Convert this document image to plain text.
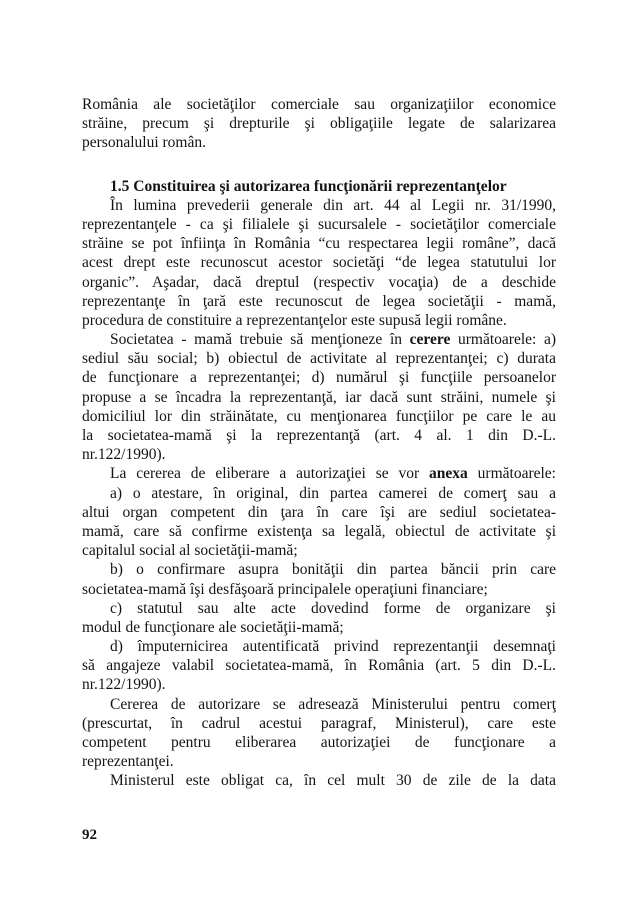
România ale societăţilor comerciale sau organizaţiilor economice
străine, precum şi drepturile şi obligaţiile legate de salarizarea
personalului român.
1.5 Constituirea şi autorizarea funcţionării reprezentanţelor
În lumina prevederii generale din art. 44 al Legii nr. 31/1990,
reprezentanţele - ca şi filialele şi sucursalele - societăţilor comerciale
străine se pot înfiinţa în România “cu respectarea legii române”, dacă
acest drept este recunoscut acestor societăţi “de legea statutului lor
organic”. Aşadar, dacă dreptul (respectiv vocaţia) de a deschide
reprezentanţe în ţară este recunoscut de legea societăţii - mamă,
procedura de constituire a reprezentanţelor este supusă legii române.
Societatea - mamă trebuie să menţioneze în cerere următoarele: a)
sediul său social; b) obiectul de activitate al reprezentanţei; c) durata
de funcţionare a reprezentanţei; d) numărul şi funcţiile persoanelor
propuse a se încadra la reprezentanţă, iar dacă sunt străini, numele şi
domiciliul lor din străinătate, cu menţionarea funcţiilor pe care le au
la societatea-mamă şi la reprezentanţă (art. 4 al. 1 din D.-L.
nr.122/1990).
La cererea de eliberare a autorizaţiei se vor anexa următoarele:
a) o atestare, în original, din partea camerei de comerţ sau a
altui organ competent din ţara în care îşi are sediul societatea-
mamă, care să confirme existenţa sa legală, obiectul de activitate şi
capitalul social al societăţii-mamă;
b) o confirmare asupra bonităţii din partea băncii prin care
societatea-mamă îşi desfăşoară principalele operaţiuni financiare;
c) statutul sau alte acte dovedind forme de organizare şi
modul de funcţionare ale societăţii-mamă;
d) împuternicirea autentificată privind reprezentanţii desemnaţi
să angajeze valabil societatea-mamă, în România (art. 5 din D.-L.
nr.122/1990).
Cererea de autorizare se adresează Ministerului pentru comerţ
(prescurtat, în cadrul acestui paragraf, Ministerul), care este
competent pentru eliberarea autorizaţiei de funcţionare a
reprezentanţei.
Ministerul este obligat ca, în cel mult 30 de zile de la data
92
